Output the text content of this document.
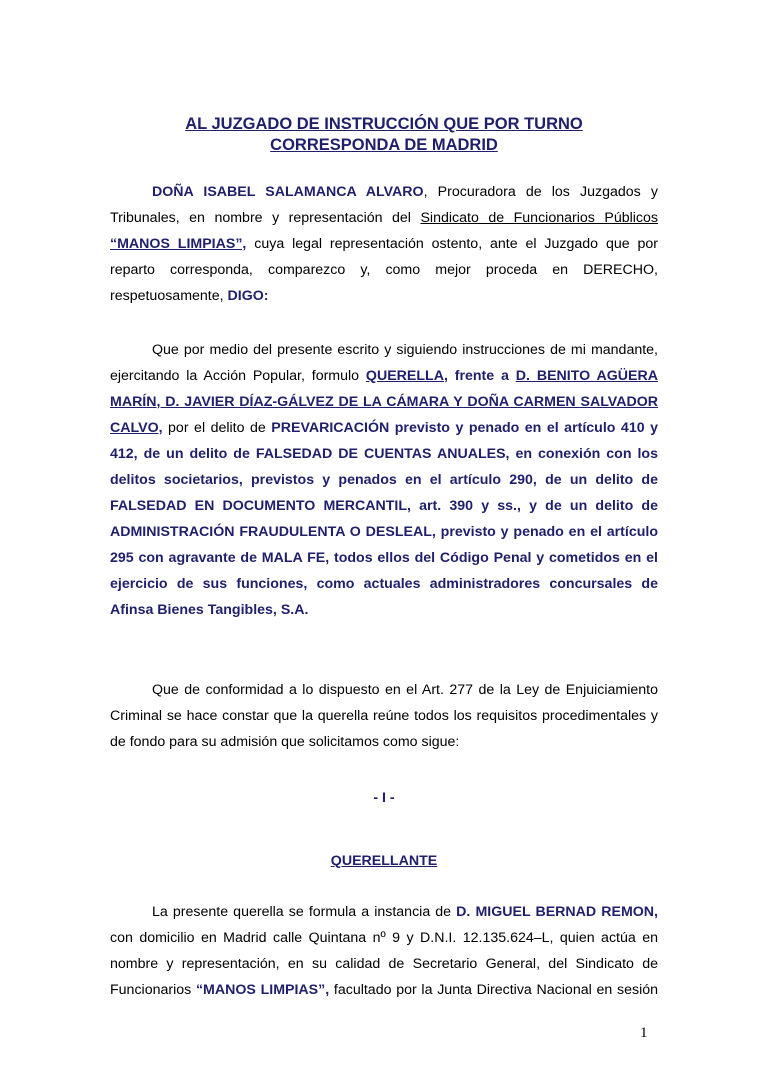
AL JUZGADO DE INSTRUCCIÓN QUE POR TURNO
CORRESPONDA DE MADRID
DOÑA ISABEL SALAMANCA ALVARO, Procuradora de los Juzgados y
Tribunales, en nombre y representación del Sindicato de Funcionarios Públicos
“MANOS LIMPIAS”, cuya legal representación ostento, ante el Juzgado que por
reparto corresponda, comparezco y, como mejor proceda en DERECHO,
respetuosamente, DIGO:
Que por medio del presente escrito y siguiendo instrucciones de mi mandante,
ejercitando la Acción Popular, formulo QUERELLA, frente a D. BENITO AGÜERA
MARÍN, D. JAVIER DÍAZ-GÁLVEZ DE LA CÁMARA Y DOÑA CARMEN SALVADOR
CALVO, por el delito de PREVARICACIÓN previsto y penado en el artículo 410 y
412, de un delito de FALSEDAD DE CUENTAS ANUALES, en conexión con los
delitos societarios, previstos y penados en el artículo 290, de un delito de
FALSEDAD EN DOCUMENTO MERCANTIL, art. 390 y ss., y de un delito de
ADMINISTRACIÓN FRAUDULENTA O DESLEAL, previsto y penado en el artículo
295 con agravante de MALA FE, todos ellos del Código Penal y cometidos en el
ejercicio de sus funciones, como actuales administradores concursales de
Afinsa Bienes Tangibles, S.A.
Que de conformidad a lo dispuesto en el Art. 277 de la Ley de Enjuiciamiento
Criminal se hace constar que la querella reúne todos los requisitos procedimentales y
de fondo para su admisión que solicitamos como sigue:
- I -
QUERELLANTE
La presente querella se formula a instancia de D. MIGUEL BERNAD REMON,
con domicilio en Madrid calle Quintana nº 9 y D.N.I. 12.135.624–L, quien actúa en
nombre y representación, en su calidad de Secretario General, del Sindicato de
Funcionarios “MANOS LIMPIAS”, facultado por la Junta Directiva Nacional en sesión
1
